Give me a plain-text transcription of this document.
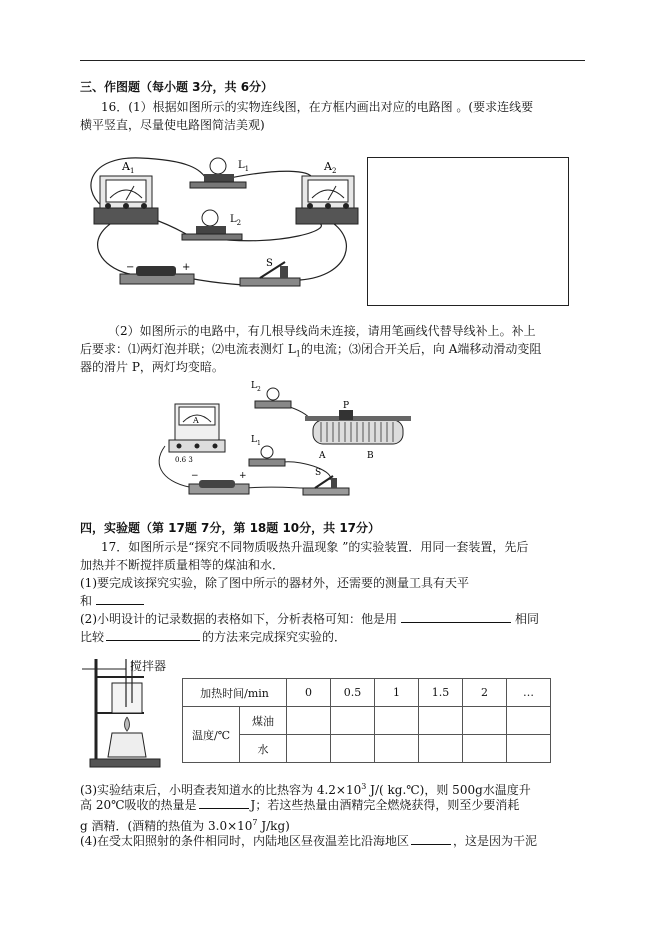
三、作图题（每小题 3分，共 6分）
16．(1）根据如图所示的实物连线图，在方框内画出对应的电路图 。(要求连线要
横平竖直，尽量使电路图简洁美观)
$A_1$	$L_1$
$L_2$
$A_2$
−	+	S
（2）如图所示的电路中，有几根导线尚未连接，请用笔画线代替导线补上。补上
后要求：⑴两灯泡并联；⑵电流表测灯 $L_1$的电流；⑶闭合开关后，向 A端移动滑动变阻
器的滑片 P，两灯均变暗。
A
0.6 3
$L_2$
$L_1$
P
A	B
−	+	S
四，实验题（第 17题 7分，第 18题 10分，共 17分）
17．如图所示是“探究不同物质吸热升温现象 ”的实验装置．用同一套装置，先后
加热并不断搅拌质量相等的煤油和水．
(1)要完成该探究实验，除了图中所示的器材外，还需要的测量工具有天平
和
(2)小明设计的记录数据的表格如下，分析表格可知：他是用	相同
比较	的方法来完成探究实验的．
搅拌器
加热时间/min		0	0.5	1	1.5	2	…
温度/℃	煤油						
	水						
(3)实验结束后，小明查表知道水的比热容为 $4.2\times 10^3$ J/( kg.℃)，则 500g水温度升
高 20℃吸收的热量是	J；若这些热量由酒精完全燃烧获得，则至少要消耗
g 酒精．(酒精的热值为 $3.0\times 10^7$ J/kg)
(4)在受太阳照射的条件相同时，内陆地区昼夜温差比沿海地区	，这是因为干泥
